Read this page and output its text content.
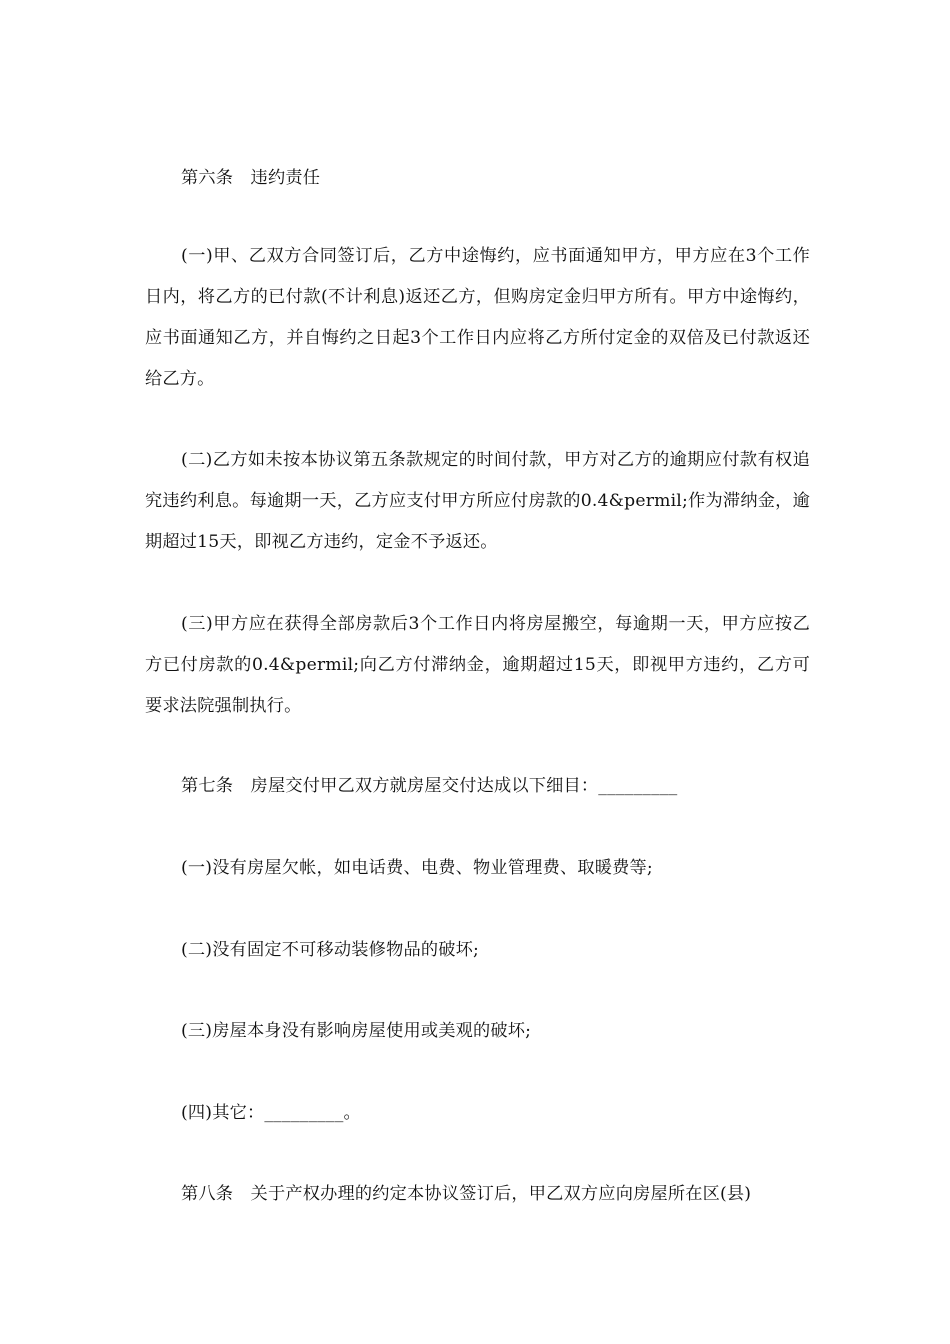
第六条　违约责任

(一)甲、乙双方合同签订后，乙方中途悔约，应书面通知甲方，甲方应在3个工作日内，将乙方的已付款(不计利息)返还乙方，但购房定金归甲方所有。甲方中途悔约，应书面通知乙方，并自悔约之日起3个工作日内应将乙方所付定金的双倍及已付款返还给乙方。

(二)乙方如未按本协议第五条款规定的时间付款，甲方对乙方的逾期应付款有权追究违约利息。每逾期一天，乙方应支付甲方所应付房款的0.4&permil;作为滞纳金，逾期超过15天，即视乙方违约，定金不予返还。

(三)甲方应在获得全部房款后3个工作日内将房屋搬空，每逾期一天，甲方应按乙方已付房款的0.4&permil;向乙方付滞纳金，逾期超过15天，即视甲方违约，乙方可要求法院强制执行。

第七条　房屋交付甲乙双方就房屋交付达成以下细目：_________

(一)没有房屋欠帐，如电话费、电费、物业管理费、取暖费等;

(二)没有固定不可移动装修物品的破坏;

(三)房屋本身没有影响房屋使用或美观的破坏;

(四)其它：_________。

第八条　关于产权办理的约定本协议签订后，甲乙双方应向房屋所在区(县)
